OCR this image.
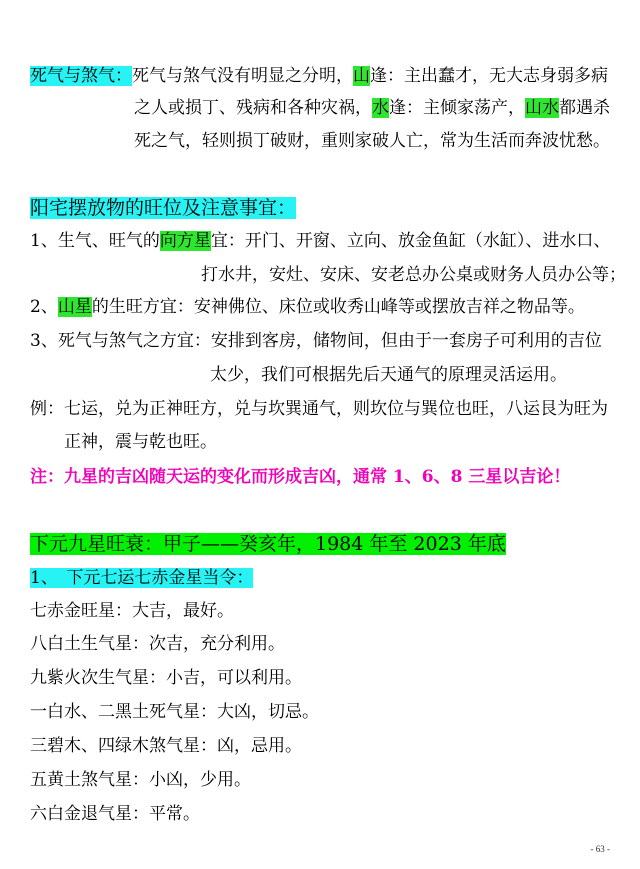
死气与煞气：死气与煞气没有明显之分明，山逢：主出蠢才，无大志身弱多病
之人或损丁、残病和各种灾祸，水逢：主倾家荡产，山水都遇杀
死之气，轻则损丁破财，重则家破人亡，常为生活而奔波忧愁。
阳宅摆放物的旺位及注意事宜：
1、生气、旺气的向方星宜：开门、开窗、立向、放金鱼缸（水缸）、进水口、
打水井，安灶、安床、安老总办公桌或财务人员办公等；
2、山星的生旺方宜：安神佛位、床位或收秀山峰等或摆放吉祥之物品等。
3、死气与煞气之方宜：安排到客房，储物间，但由于一套房子可利用的吉位
太少，我们可根据先后天通气的原理灵活运用。
例：七运，兑为正神旺方，兑与坎巽通气，则坎位与巽位也旺，八运艮为旺为
正神，震与乾也旺。
注：九星的吉凶随天运的变化而形成吉凶，通常 1、6、8 三星以吉论！
下元九星旺衰：甲子——癸亥年，1984 年至 2023 年底
1、　下元七运七赤金星当令：
七赤金旺星：大吉，最好。
八白土生气星：次吉，充分利用。
九紫火次生气星：小吉，可以利用。
一白水、二黑土死气星：大凶，切忌。
三碧木、四绿木煞气星：凶，忌用。
五黄土煞气星：小凶，少用。
六白金退气星：平常。
- 63 -
